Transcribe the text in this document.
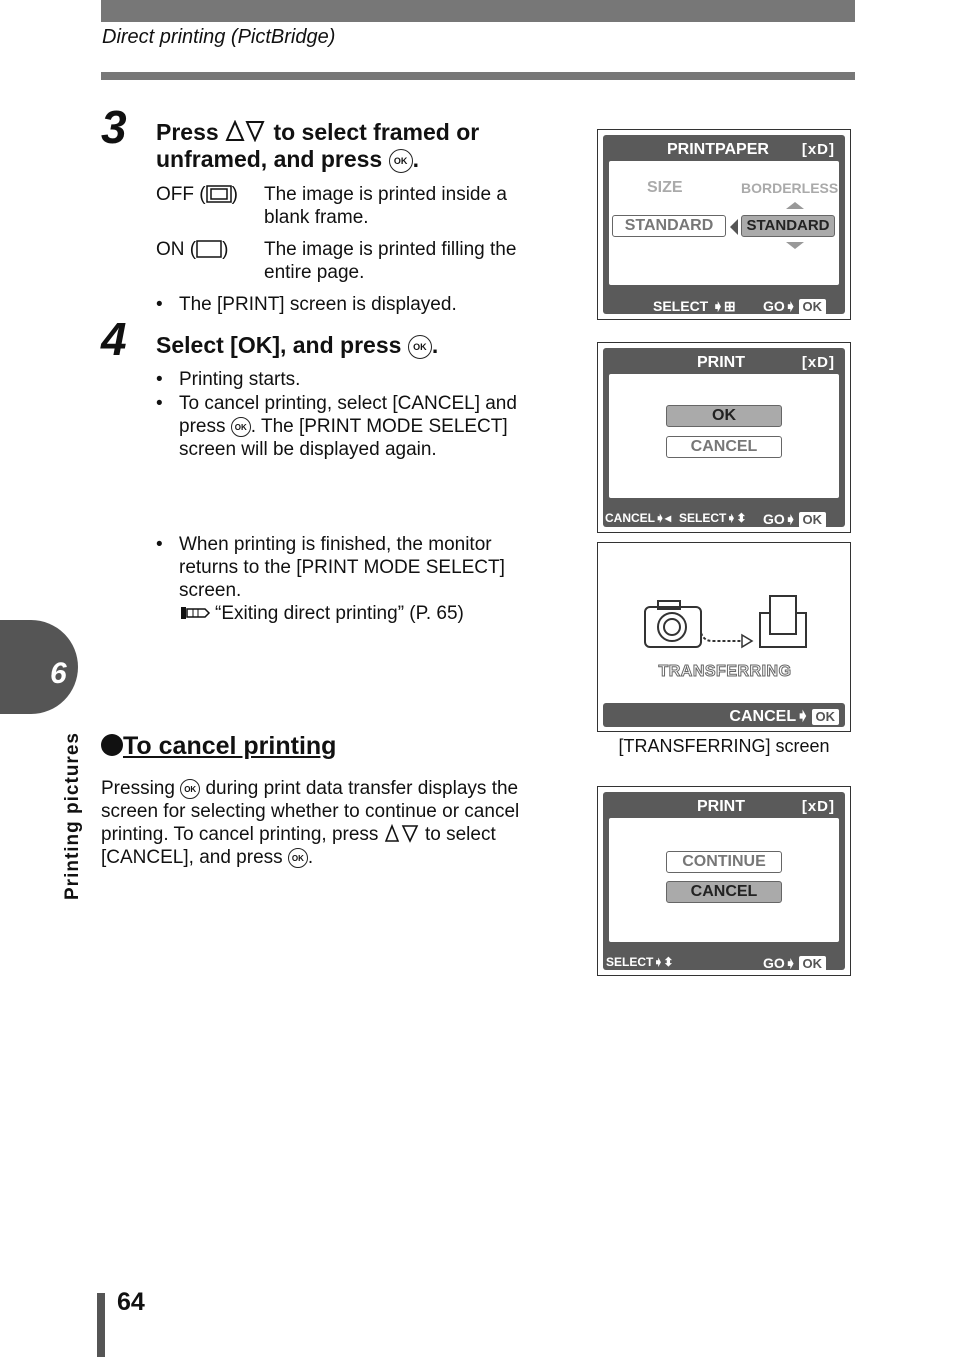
Direct printing (PictBridge)
6
Printing pictures
3 Press to select framed or
unframed, and press OK .
OFF ( ) The image is printed inside a blank frame.
ON ( ) The image is printed filling the entire page.
• The [PRINT] screen is displayed.
4 Select [OK], and press OK .
• Printing starts.
• To cancel printing, select [CANCEL] and press OK . The [PRINT MODE SELECT] screen will be displayed again.
• When printing is finished, the monitor returns to the [PRINT MODE SELECT] screen.
“Exiting direct printing” (P. 65)
To cancel printing
Pressing OK during print data transfer displays the screen for selecting whether to continue or cancel printing. To cancel printing, press to select [CANCEL], and press OK .
PRINTPAPER [xD]
SIZE	BORDERLESS
STANDARD	STANDARD
SELECT ➧⊞ GO➧ OK
PRINT	[xD]
OK
CANCEL
CANCEL➧◂ SELECT➧⬍ GO➧ OK
TRANSFERRING
CANCEL➧ OK
[TRANSFERRING] screen
PRINT	[xD]
CONTINUE
CANCEL
SELECT➧⬍	GO➧ OK
64
